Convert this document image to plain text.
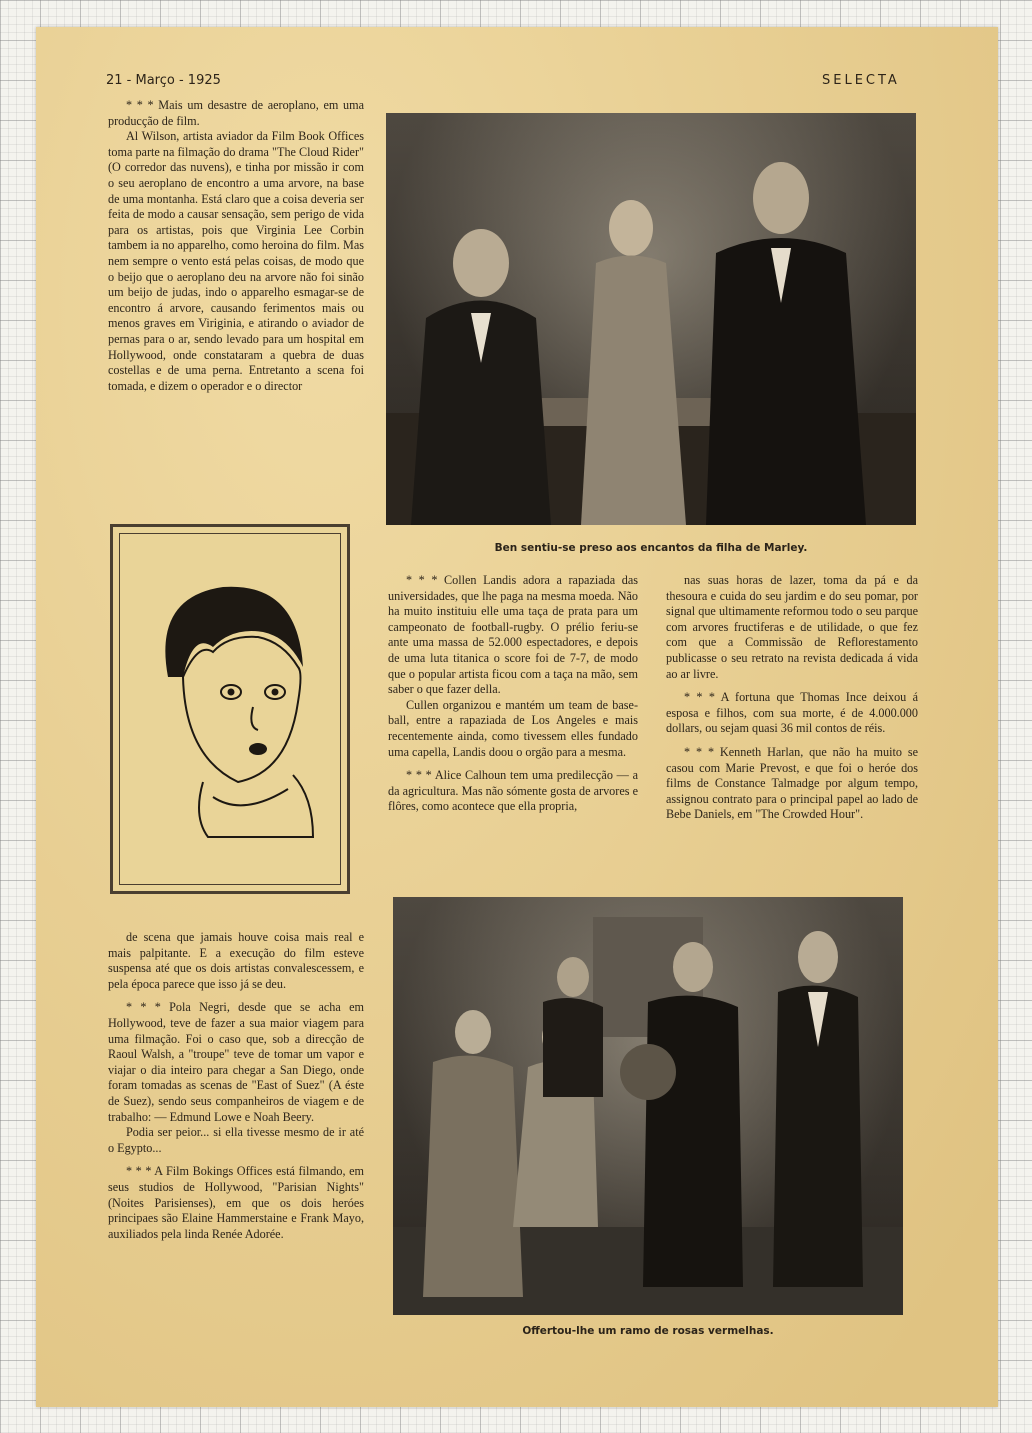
21 - Março - 1925	SELECTA

* * * Mais um desastre de aeroplano, em uma producção de film.

Al Wilson, artista aviador da Film Book Offices toma parte na filmação do drama "The Cloud Rider" (O corredor das nuvens), e tinha por missão ir com o seu aeroplano de encontro a uma arvore, na base de uma montanha. Está claro que a coisa deveria ser feita de modo a causar sensação, sem perigo de vida para os artistas, pois que Virginia Lee Corbin tambem ia no apparelho, como heroina do film. Mas nem sempre o vento está pelas coisas, de modo que o beijo que o aeroplano deu na arvore não foi sinão um beijo de judas, indo o apparelho esmagar-se de encontro á arvore, causando ferimentos mais ou menos graves em Viriginia, e atirando o aviador de pernas para o ar, sendo levado para um hospital em Hollywood, onde constataram a quebra de duas costellas e de uma perna. Entretanto a scena foi tomada, e dizem o operador e o director

Ben sentiu-se preso aos encantos da filha de Marley.

* * * Collen Landis adora a rapaziada das universidades, que lhe paga na mesma moeda. Não ha muito instituiu elle uma taça de prata para um campeonato de football-rugby. O prélio feriu-se ante uma massa de 52.000 espectadores, e depois de uma luta titanica o score foi de 7-7, de modo que o popular artista ficou com a taça na mão, sem saber o que fazer della.

Cullen organizou e mantém um team de base-ball, entre a rapaziada de Los Angeles e mais recentemente ainda, como tivessem elles fundado uma capella, Landis doou o orgão para a mesma.

* * * Alice Calhoun tem uma predilecção — a da agricultura. Mas não sómente gosta de arvores e flôres, como acontece que ella propria,

nas suas horas de lazer, toma da pá e da thesoura e cuida do seu jardim e do seu pomar, por signal que ultimamente reformou todo o seu parque com arvores fructiferas e de utilidade, o que fez com que a Commissão de Reflorestamento publicasse o seu retrato na revista dedicada á vida ao ar livre.

* * * A fortuna que Thomas Ince deixou á esposa e filhos, com sua morte, é de 4.000.000 dollars, ou sejam quasi 36 mil contos de réis.

* * * Kenneth Harlan, que não ha muito se casou com Marie Prevost, e que foi o heróe dos films de Constance Talmadge por algum tempo, assignou contrato para o principal papel ao lado de Bebe Daniels, em "The Crowded Hour".

de scena que jamais houve coisa mais real e mais palpitante. E a execução do film esteve suspensa até que os dois artistas convalescessem, e pela época parece que isso já se deu.

* * * Pola Negri, desde que se acha em Hollywood, teve de fazer a sua maior viagem para uma filmação. Foi o caso que, sob a direcção de Raoul Walsh, a "troupe" teve de tomar um vapor e viajar o dia inteiro para chegar a San Diego, onde foram tomadas as scenas de "East of Suez" (A éste de Suez), sendo seus companheiros de viagem e de trabalho: — Edmund Lowe e Noah Beery.

Podia ser peior... si ella tivesse mesmo de ir até o Egypto...

* * * A Film Bokings Offices está filmando, em seus studios de Hollywood, "Parisian Nights" (Noites Parisienses), em que os dois heróes principaes são Elaine Hammerstaine e Frank Mayo, auxiliados pela linda Renée Adorée.

Offertou-lhe um ramo de rosas vermelhas.
